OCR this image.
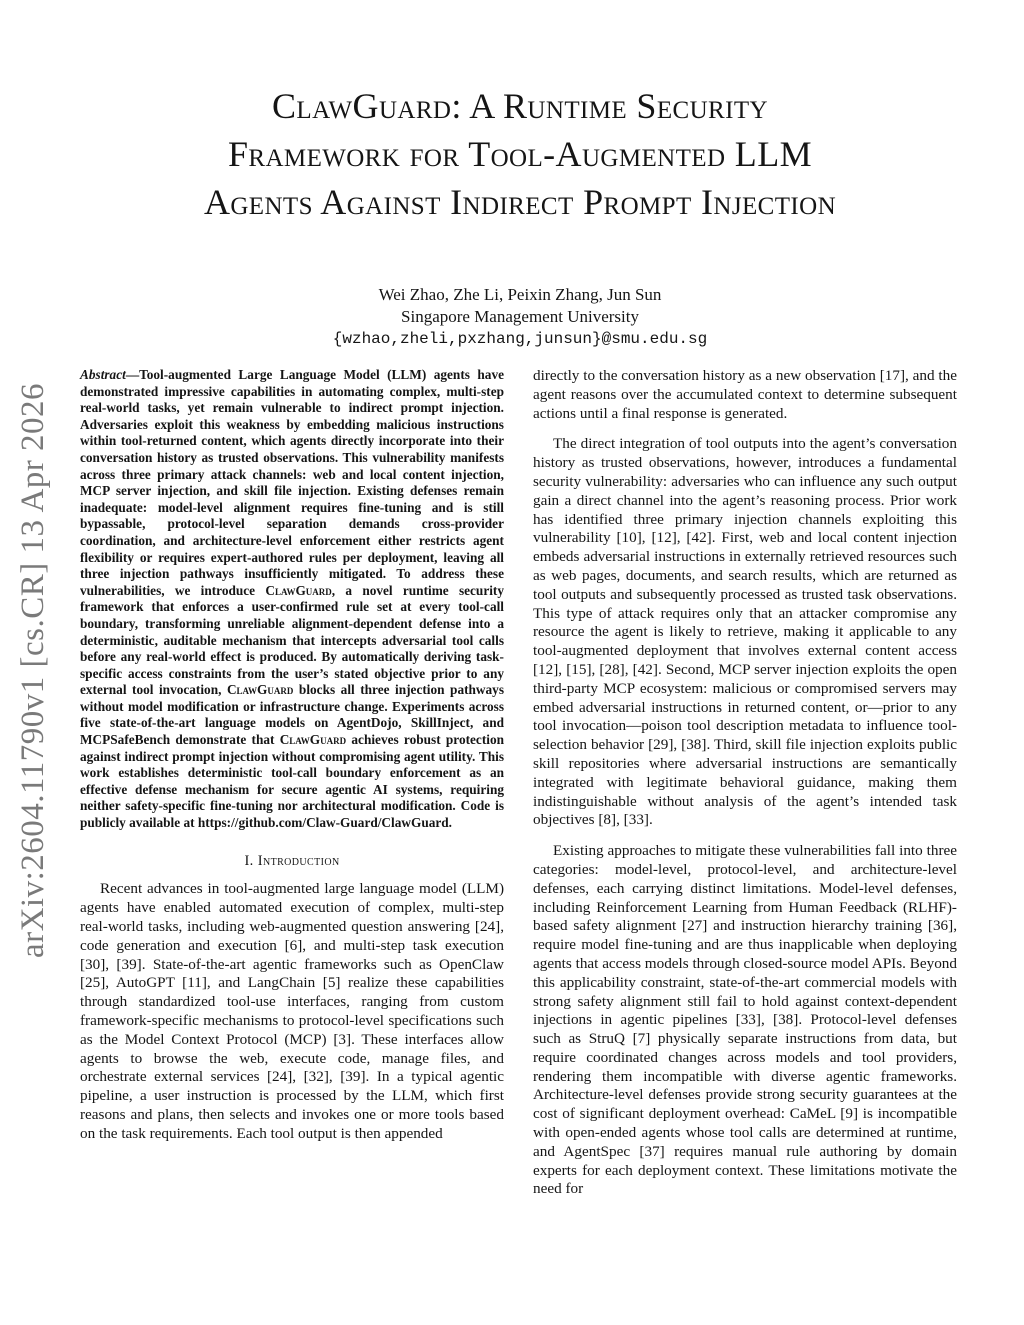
arXiv:2604.11790v1 [cs.CR] 13 Apr 2026
ClawGuard: A Runtime Security
Framework for Tool-Augmented LLM
Agents Against Indirect Prompt Injection
Wei Zhao, Zhe Li, Peixin Zhang, Jun Sun
Singapore Management University
{wzhao,zheli,pxzhang,junsun}@smu.edu.sg

Abstract—Tool-augmented Large Language Model (LLM) agents have demonstrated impressive capabilities in automating complex, multi-step real-world tasks, yet remain vulnerable to indirect prompt injection. Adversaries exploit this weakness by embedding malicious instructions within tool-returned content, which agents directly incorporate into their conversation history as trusted observations. This vulnerability manifests across three primary attack channels: web and local content injection, MCP server injection, and skill file injection. Existing defenses remain inadequate: model-level alignment requires fine-tuning and is still bypassable, protocol-level separation demands cross-provider coordination, and architecture-level enforcement either restricts agent flexibility or requires expert-authored rules per deployment, leaving all three injection pathways insufficiently mitigated. To address these vulnerabilities, we introduce ClawGuard, a novel runtime security framework that enforces a user-confirmed rule set at every tool-call boundary, transforming unreliable alignment-dependent defense into a deterministic, auditable mechanism that intercepts adversarial tool calls before any real-world effect is produced. By automatically deriving task-specific access constraints from the user’s stated objective prior to any external tool invocation, ClawGuard blocks all three injection pathways without model modification or infrastructure change. Experiments across five state-of-the-art language models on AgentDojo, SkillInject, and MCPSafeBench demonstrate that ClawGuard achieves robust protection against indirect prompt injection without compromising agent utility. This work establishes deterministic tool-call boundary enforcement as an effective defense mechanism for secure agentic AI systems, requiring neither safety-specific fine-tuning nor architectural modification. Code is publicly available at https://github.com/Claw-Guard/ClawGuard.

I. Introduction

Recent advances in tool-augmented large language model (LLM) agents have enabled automated execution of complex, multi-step real-world tasks, including web-augmented question answering [24], code generation and execution [6], and multi-step task execution [30], [39]. State-of-the-art agentic frameworks such as OpenClaw [25], AutoGPT [11], and LangChain [5] realize these capabilities through standardized tool-use interfaces, ranging from custom framework-specific mechanisms to protocol-level specifications such as the Model Context Protocol (MCP) [3]. These interfaces allow agents to browse the web, execute code, manage files, and orchestrate external services [24], [32], [39]. In a typical agentic pipeline, a user instruction is processed by the LLM, which first reasons and plans, then selects and invokes one or more tools based on the task requirements. Each tool output is then appended

directly to the conversation history as a new observation [17], and the agent reasons over the accumulated context to determine subsequent actions until a final response is generated.

The direct integration of tool outputs into the agent’s conversation history as trusted observations, however, introduces a fundamental security vulnerability: adversaries who can influence any such output gain a direct channel into the agent’s reasoning process. Prior work has identified three primary injection channels exploiting this vulnerability [10], [12], [42]. First, web and local content injection embeds adversarial instructions in externally retrieved resources such as web pages, documents, and search results, which are returned as tool outputs and subsequently processed as trusted task observations. This type of attack requires only that an attacker compromise any resource the agent is likely to retrieve, making it applicable to any tool-augmented deployment that involves external content access [12], [15], [28], [42]. Second, MCP server injection exploits the open third-party MCP ecosystem: malicious or compromised servers may embed adversarial instructions in returned content, or—prior to any tool invocation—poison tool description metadata to influence tool-selection behavior [29], [38]. Third, skill file injection exploits public skill repositories where adversarial instructions are semantically integrated with legitimate behavioral guidance, making them indistinguishable without analysis of the agent’s intended task objectives [8], [33].

Existing approaches to mitigate these vulnerabilities fall into three categories: model-level, protocol-level, and architecture-level defenses, each carrying distinct limitations. Model-level defenses, including Reinforcement Learning from Human Feedback (RLHF)-based safety alignment [27] and instruction hierarchy training [36], require model fine-tuning and are thus inapplicable when deploying agents that access models through closed-source model APIs. Beyond this applicability constraint, state-of-the-art commercial models with strong safety alignment still fail to hold against context-dependent injections in agentic pipelines [33], [38]. Protocol-level defenses such as StruQ [7] physically separate instructions from data, but require coordinated changes across models and tool providers, rendering them incompatible with diverse agentic frameworks. Architecture-level defenses provide strong security guarantees at the cost of significant deployment overhead: CaMeL [9] is incompatible with open-ended agents whose tool calls are determined at runtime, and AgentSpec [37] requires manual rule authoring by domain experts for each deployment context. These limitations motivate the need for
